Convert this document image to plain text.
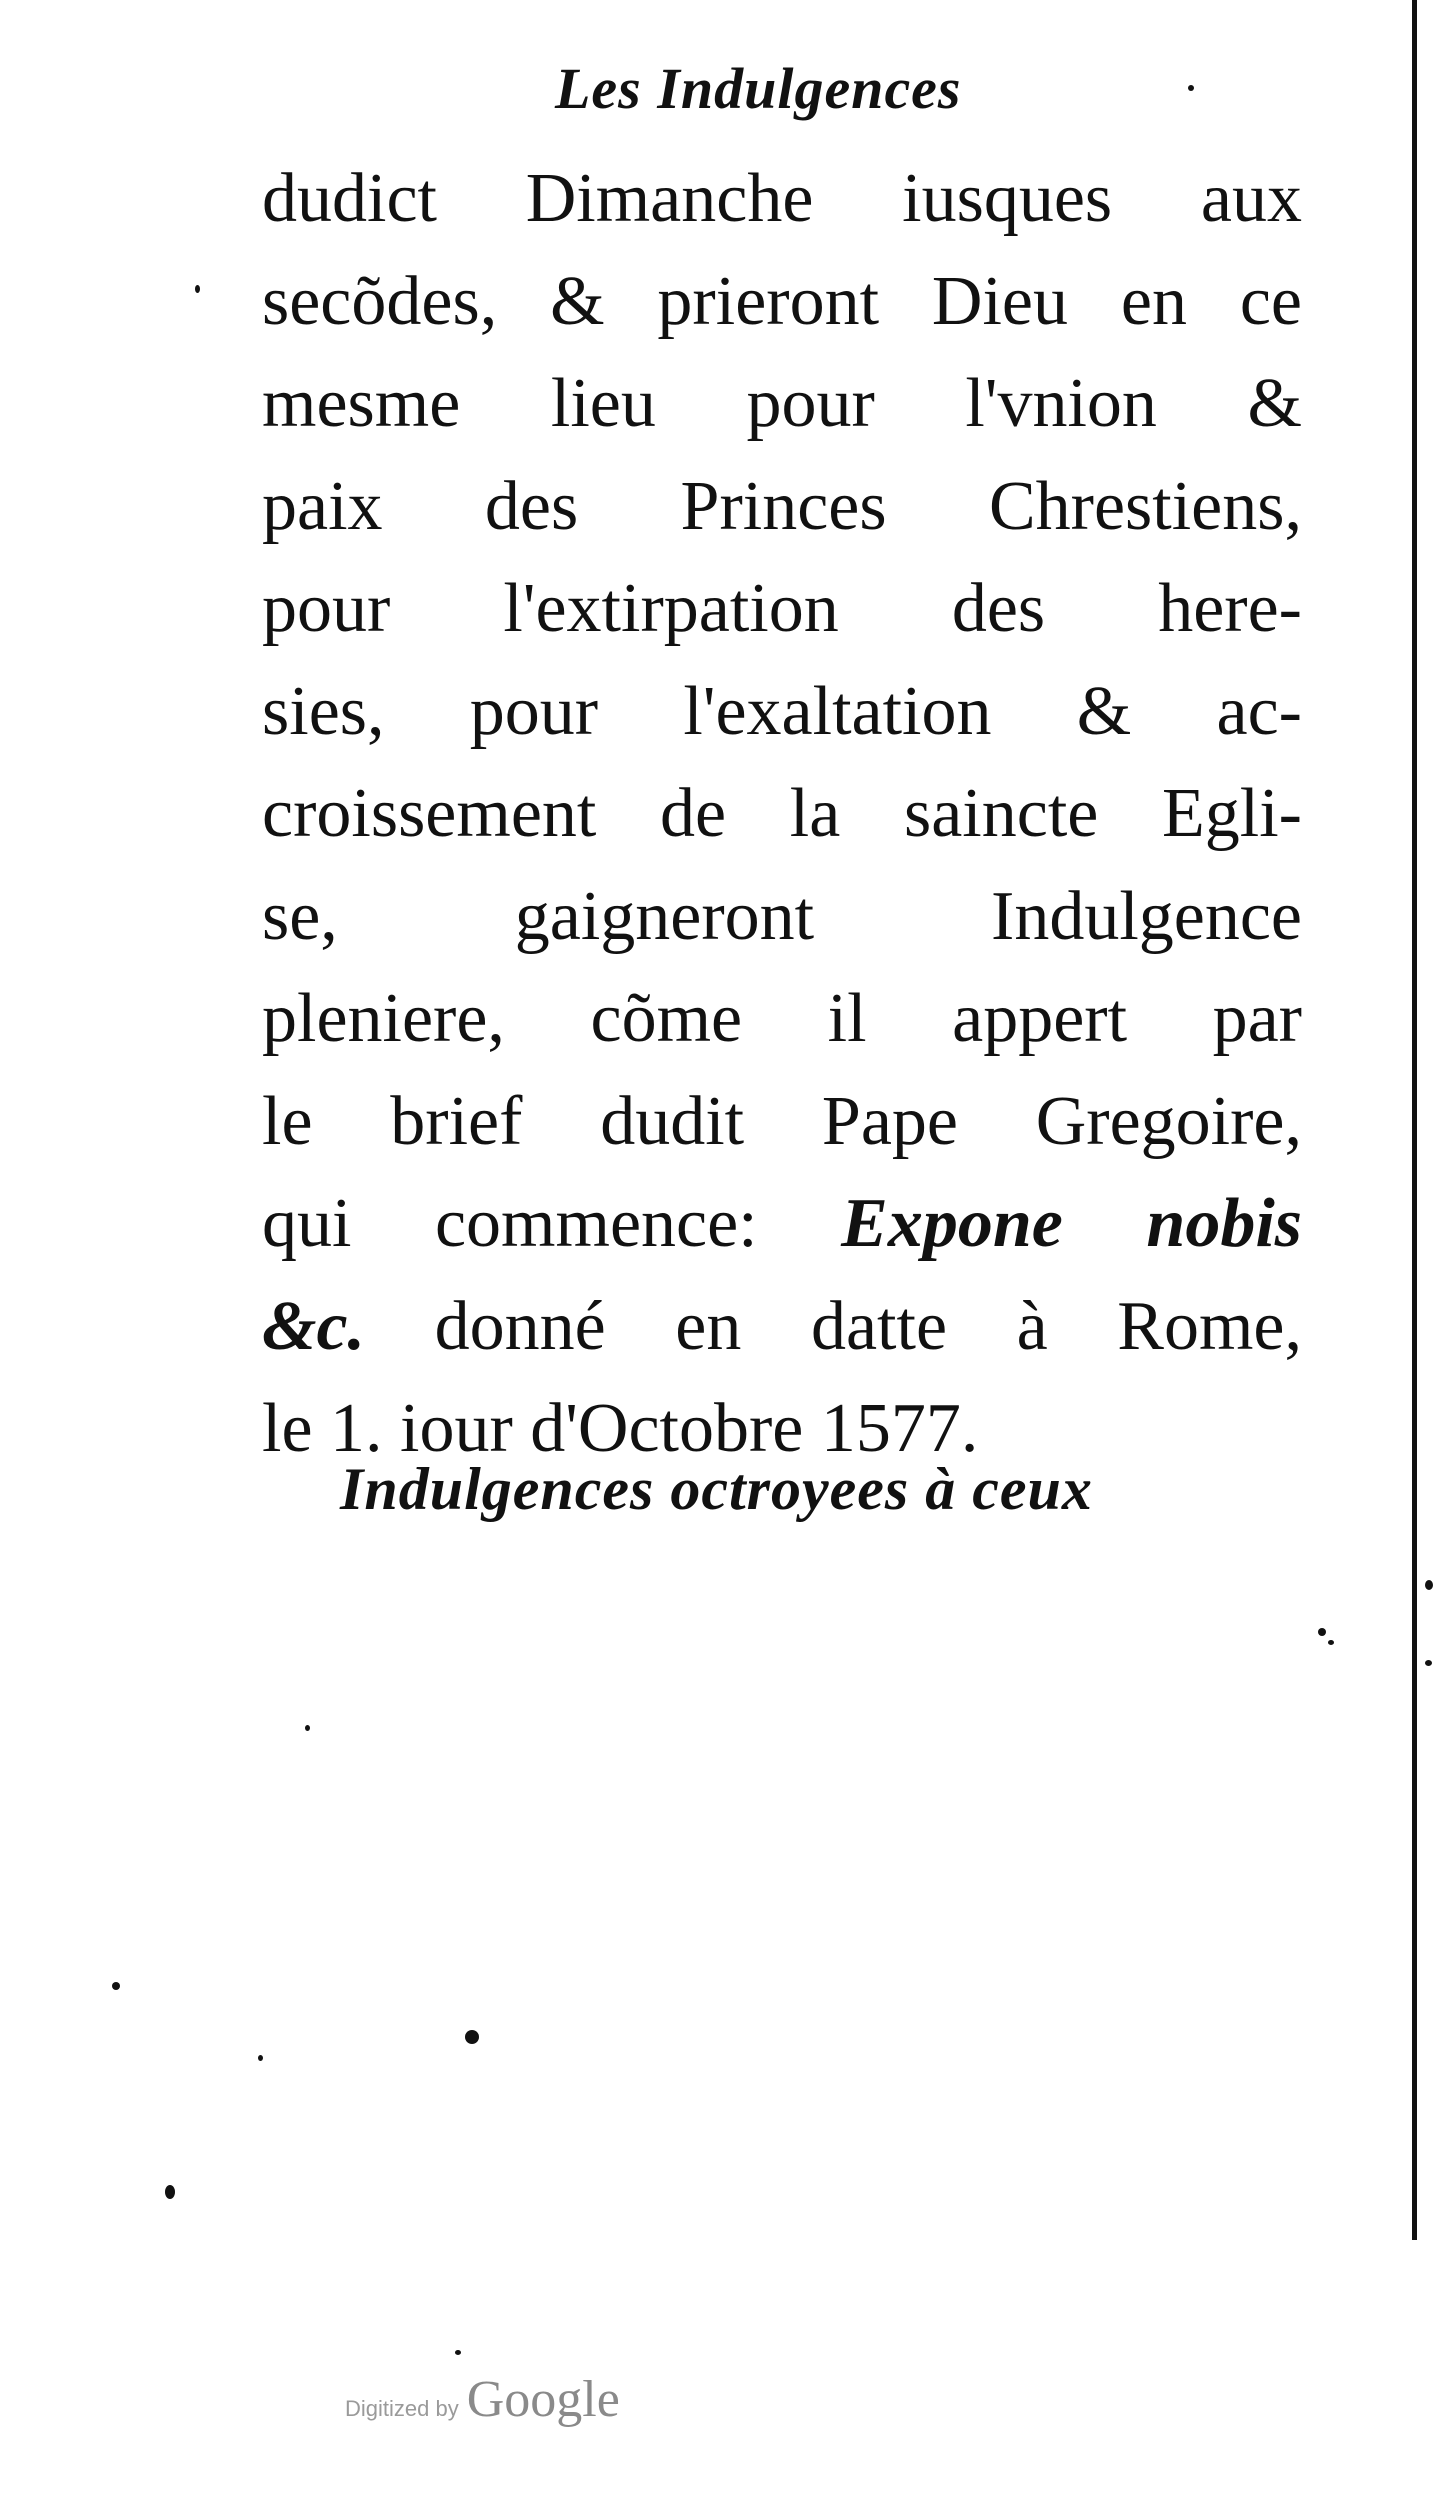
Les Indulgences
dudict Dimanche iusques aux
secõdes, & prieront Dieu en ce
mesme lieu pour l'vnion &
paix des Princes Chrestiens,
pour l'extirpation des here-
sies, pour l'exaltation & ac-
croissement de la saincte Egli-
se, gaigneront Indulgence
pleniere, cõme il appert par
le brief dudit Pape Gregoire,
qui commence: Expone nobis
&c. donné en datte à Rome,
le 1. iour d'Octobre 1577.
Indulgences octroyees à ceux
Digitized by Google
